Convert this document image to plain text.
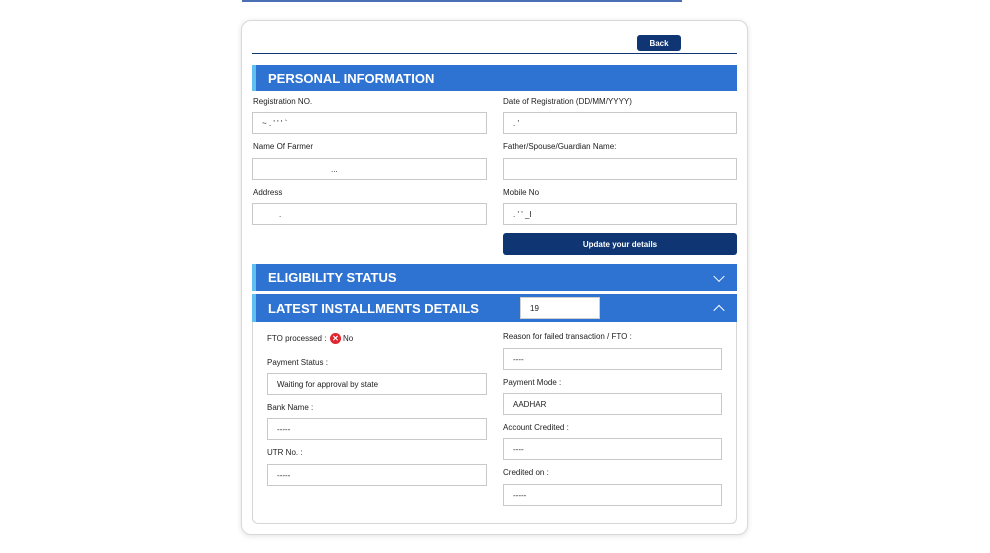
Back
PERSONAL INFORMATION
Registration NO.
~ . ' ' ' `
Date of Registration (DD/MM/YYYY)
. '
Name Of Farmer
...
Father/Spouse/Guardian Name:
Address
.
Mobile No
. ' ' _I
Update your details
ELIGIBILITY STATUS
LATEST INSTALLMENTS DETAILS	19
FTO processed : ✕ No
Payment Status :
Waiting for approval by state
Bank Name :
-----
UTR No. :
-----
Reason for failed transaction / FTO :
----
Payment Mode :
AADHAR
Account Credited :
----
Credited on :
-----
